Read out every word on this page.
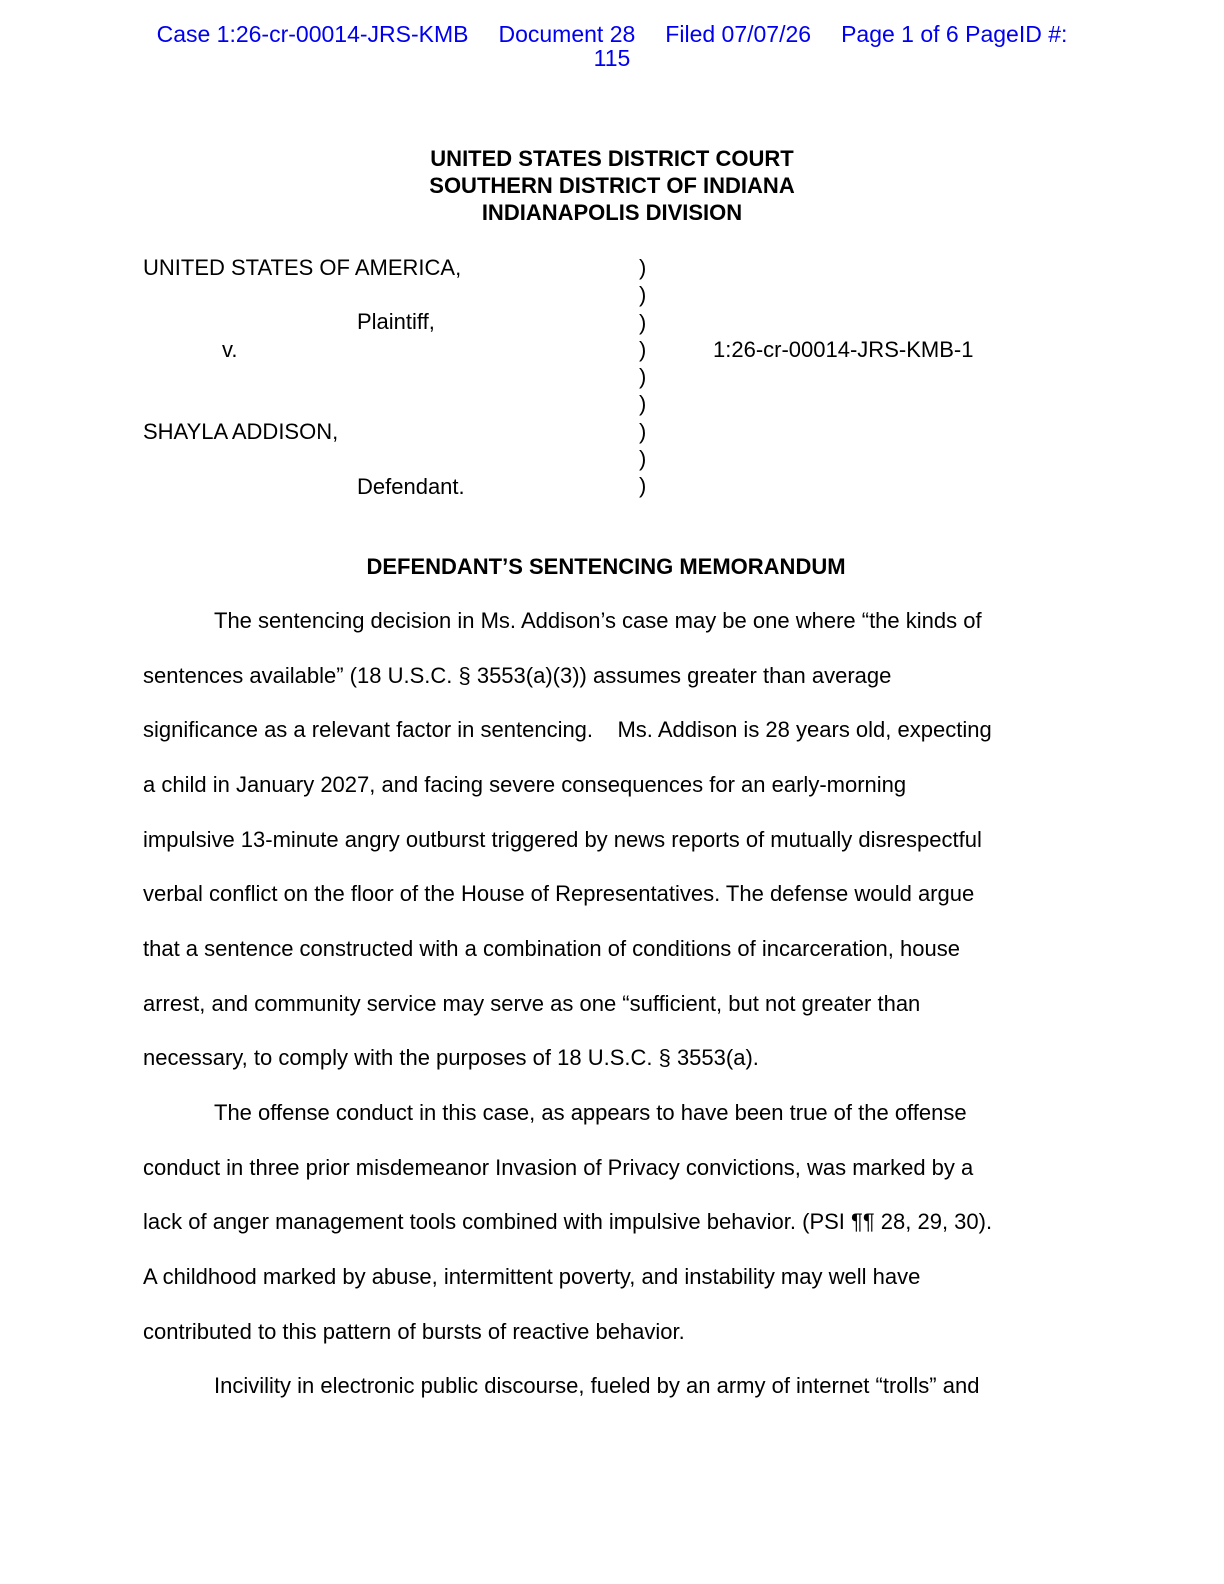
Case 1:26-cr-00014-JRS-KMB Document 28 Filed 07/07/26 Page 1 of 6 PageID #:
115
UNITED STATES DISTRICT COURT
SOUTHERN DISTRICT OF INDIANA
INDIANAPOLIS DIVISION
UNITED STATES OF AMERICA,
Plaintiff,
v.
SHAYLA ADDISON,
Defendant.
1:26-cr-00014-JRS-KMB-1
)
)
)
)
)
)
)
)
)
DEFENDANT’S SENTENCING MEMORANDUM

The sentencing decision in Ms. Addison’s case may be one where “the kinds of
sentences available” (18 U.S.C. § 3553(a)(3)) assumes greater than average
significance as a relevant factor in sentencing.    Ms. Addison is 28 years old, expecting
a child in January 2027, and facing severe consequences for an early-morning
impulsive 13-minute angry outburst triggered by news reports of mutually disrespectful
verbal conflict on the floor of the House of Representatives. The defense would argue
that a sentence constructed with a combination of conditions of incarceration, house
arrest, and community service may serve as one “sufficient, but not greater than
necessary, to comply with the purposes of 18 U.S.C. § 3553(a).

The offense conduct in this case, as appears to have been true of the offense
conduct in three prior misdemeanor Invasion of Privacy convictions, was marked by a
lack of anger management tools combined with impulsive behavior. (PSI ¶¶ 28, 29, 30).
A childhood marked by abuse, intermittent poverty, and instability may well have
contributed to this pattern of bursts of reactive behavior.

Incivility in electronic public discourse, fueled by an army of internet “trolls” and
